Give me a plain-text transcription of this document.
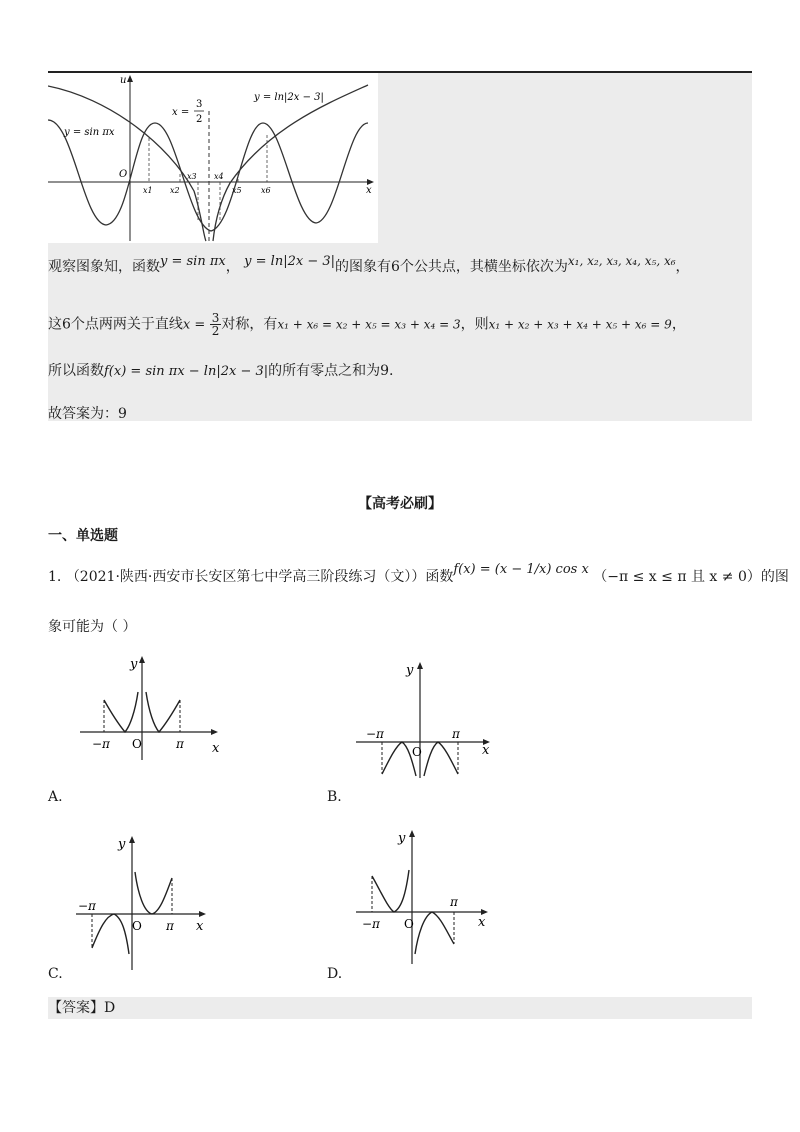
u
x
O
y = sin πx
y = ln|2x − 3|
x =
3
2
x1 x2
x3 x4
x5 x6
观察图象知，函数y = sin πx， y = ln|2x − 3|的图象有6个公共点，其横坐标依次为x₁, x₂, x₃, x₄, x₅, x₆，
这6个点两两关于直线$x = \frac{3}{2}$ 对称，有x₁ + x₆ = x₂ + x₅ = x₃ + x₄ = 3，则x₁ + x₂ + x₃ + x₄ + x₅ + x₆ = 9，
所以函数f(x) = sin πx − ln|2x − 3|的所有零点之和为9.
故答案为：9
【高考必刷】
一、单选题
1. （2021·陕西·西安市长安区第七中学高三阶段练习（文））函数f(x) = (x − 1/x) cos x （−π ≤ x ≤ π 且 x ≠ 0）的图
象可能为（ ）
y
x
O
−π	π
A.
y
x
O
−π	π
B.
y
x
O
−π
π
C.
y
x
O
−π
π
D.
【答案】D
